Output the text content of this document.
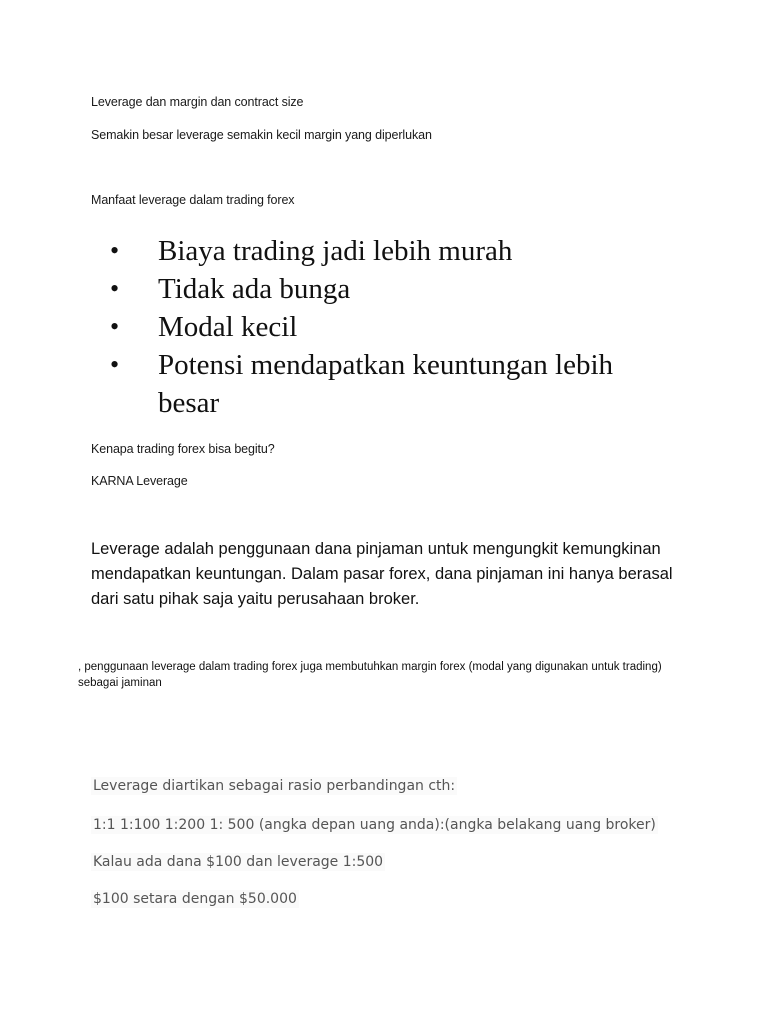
Leverage dan margin dan contract size

Semakin besar leverage semakin kecil margin yang diperlukan

Manfaat leverage dalam trading forex

• Biaya trading jadi lebih murah
• Tidak ada bunga
• Modal kecil
• Potensi mendapatkan keuntungan lebih besar

Kenapa trading forex bisa begitu?

KARNA Leverage

Leverage adalah penggunaan dana pinjaman untuk mengungkit kemungkinan mendapatkan keuntungan. Dalam pasar forex, dana pinjaman ini hanya berasal dari satu pihak saja yaitu perusahaan broker.

, penggunaan leverage dalam trading forex juga membutuhkan margin forex (modal yang digunakan untuk trading) sebagai jaminan

Leverage diartikan sebagai rasio perbandingan cth:

1:1 1:100 1:200 1: 500 (angka depan uang anda):(angka belakang uang broker)

Kalau ada dana $100 dan leverage 1:500

$100 setara dengan $50.000
